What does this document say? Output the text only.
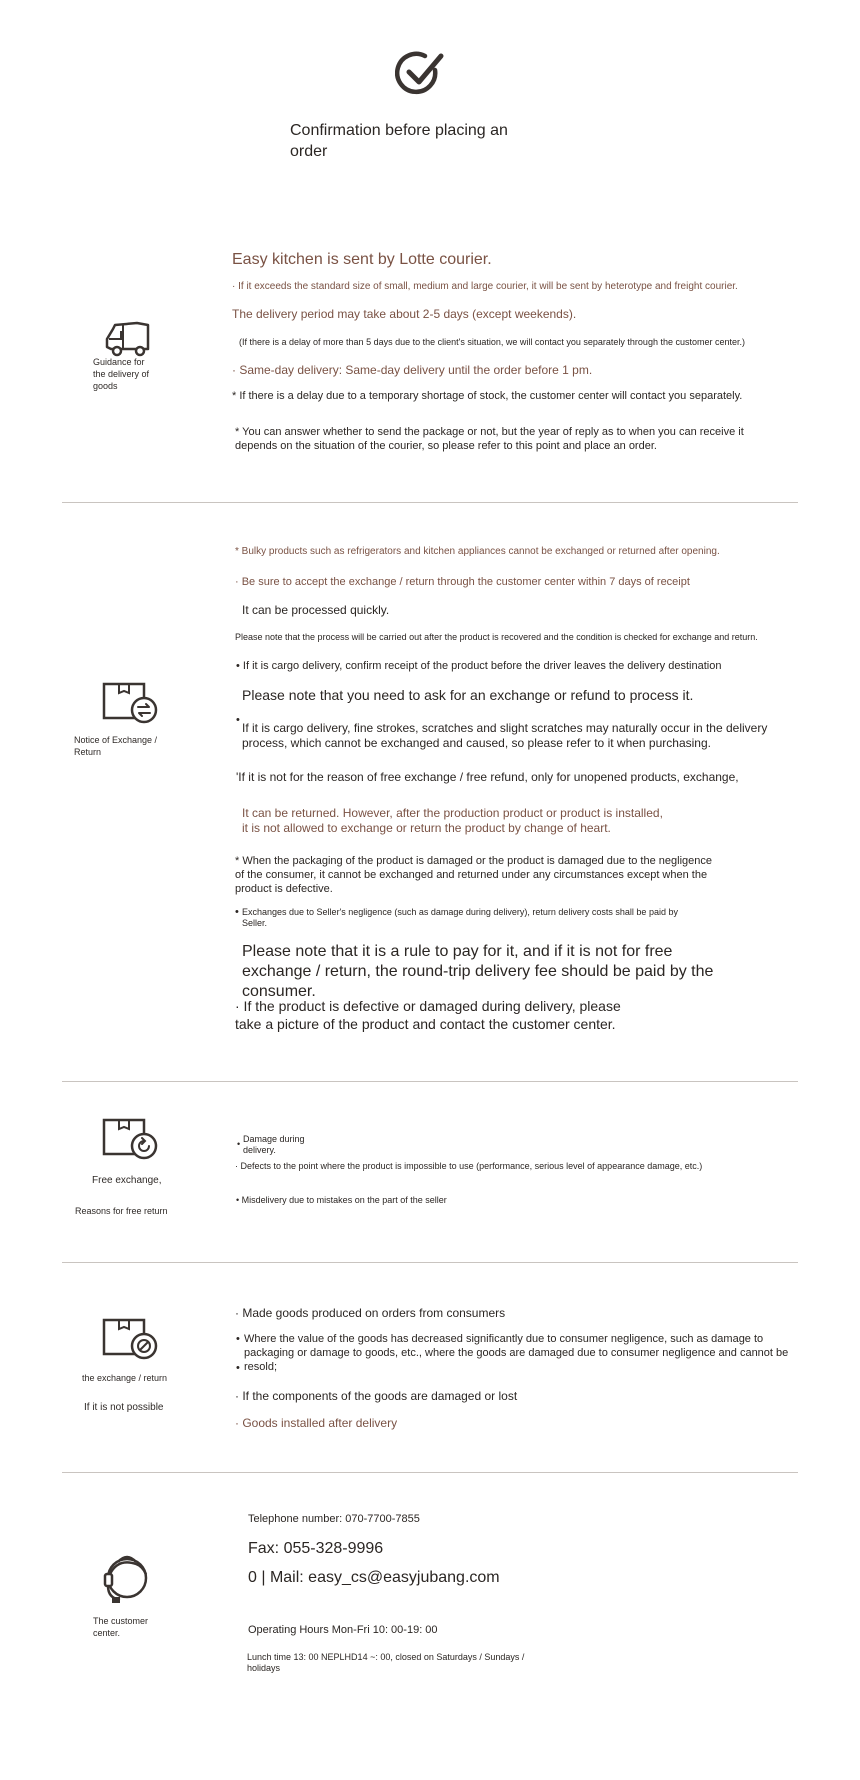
Confirmation before placing an order

Guidance for the delivery of goods

Easy kitchen is sent by Lotte courier.

· If it exceeds the standard size of small, medium and large courier, it will be sent by heterotype and freight courier.

The delivery period may take about 2-5 days (except weekends).

(If there is a delay of more than 5 days due to the client's situation, we will contact you separately through the customer center.)

· Same-day delivery: Same-day delivery until the order before 1 pm.

* If there is a delay due to a temporary shortage of stock, the customer center will contact you separately.

* You can answer whether to send the package or not, but the year of reply as to when you can receive it depends on the situation of the courier, so please refer to this point and place an order.

Notice of Exchange / Return

* Bulky products such as refrigerators and kitchen appliances cannot be exchanged or returned after opening.

· Be sure to accept the exchange / return through the customer center within 7 days of receipt

It can be processed quickly.

Please note that the process will be carried out after the product is recovered and the condition is checked for exchange and return.

• If it is cargo delivery, confirm receipt of the product before the driver leaves the delivery destination

Please note that you need to ask for an exchange or refund to process it.

•

If it is cargo delivery, fine strokes, scratches and slight scratches may naturally occur in the delivery process, which cannot be exchanged and caused, so please refer to it when purchasing.

'If it is not for the reason of free exchange / free refund, only for unopened products, exchange,

It can be returned. However, after the production product or product is installed,
it is not allowed to exchange or return the product by change of heart.

* When the packaging of the product is damaged or the product is damaged due to the negligence of the consumer, it cannot be exchanged and returned under any circumstances except when the product is defective.

• Exchanges due to Seller's negligence (such as damage during delivery), return delivery costs shall be paid by Seller.

Please note that it is a rule to pay for it, and if it is not for free exchange / return, the round-trip delivery fee should be paid by the consumer.

· If the product is defective or damaged during delivery, please
take a picture of the product and contact the customer center.

Free exchange,
Reasons for free return

• Damage during
delivery.

· Defects to the point where the product is impossible to use (performance, serious level of appearance damage, etc.)

• Misdelivery due to mistakes on the part of the seller

the exchange / return
If it is not possible

· Made goods produced on orders from consumers

• Where the value of the goods has decreased significantly due to consumer negligence, such as damage to packaging or damage to goods, etc., where the goods are damaged due to consumer negligence and cannot be resold;

•

· If the components of the goods are damaged or lost

· Goods installed after delivery

The customer center.

Telephone number: 070-7700-7855

Fax: 055-328-9996

0 | Mail: easy_cs@easyjubang.com

Operating Hours Mon-Fri 10: 00-19: 00

Lunch time 13: 00 NEPLHD14 ~: 00, closed on Saturdays / Sundays / holidays
